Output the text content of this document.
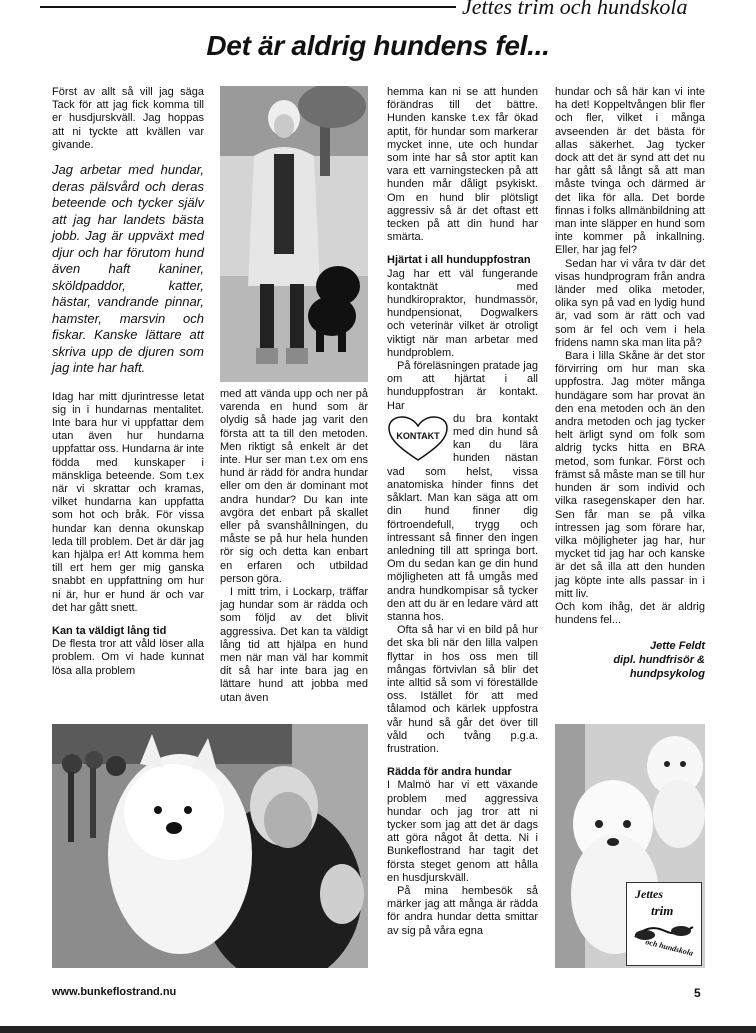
Jettes trim och hundskola
Det är aldrig hundens fel...

Först av allt så vill jag säga Tack för att jag fick komma till er husdjurskväll. Jag hoppas att ni tyckte att kvällen var givande.

Jag arbetar med hundar, deras pälsvård och deras beteende och tycker själv att jag har landets bästa jobb. Jag är uppväxt med djur och har förutom hund även haft kaniner, sköldpaddor, katter, hästar, vandrande pinnar, hamster, marsvin och fiskar. Kanske lättare att skriva upp de djuren som jag inte har haft.

Idag har mitt djurintresse letat sig in i hundarnas mentalitet. Inte bara hur vi uppfattar dem utan även hur hundarna uppfattar oss. Hundarna är inte födda med kunskaper i mänskliga beteende. Som t.ex när vi skrattar och kramas, vilket hundarna kan uppfatta som hot och bråk. För vissa hundar kan denna okunskap leda till problem. Det är där jag kan hjälpa er! Att komma hem till ert hem ger mig ganska snabbt en uppfattning om hur ni är, hur er hund är och var det har gått snett.

Kan ta väldigt lång tid

De flesta tror att våld löser alla problem. Om vi hade kunnat lösa alla problem

med att vända upp och ner på varenda en hund som är olydig så hade jag varit den första att ta till den metoden. Men riktigt så enkelt är det inte. Hur ser man t.ex om ens hund är rädd för andra hundar eller om den är dominant mot andra hundar? Du kan inte avgöra det enbart på skallet eller på svanshållningen, du måste se på hur hela hunden rör sig och detta kan enbart en erfaren och utbildad person göra.

I mitt trim, i Lockarp, träffar jag hundar som är rädda och som följd av det blivit aggressiva. Det kan ta väldigt lång tid att hjälpa en hund men när man väl har kommit dit så har inte bara jag en lättare hund att jobba med utan även

hemma kan ni se att hunden förändras till det bättre. Hunden kanske t.ex får ökad aptit, för hundar som markerar mycket inne, ute och hundar som inte har så stor aptit kan vara ett varningstecken på att hunden mår dåligt psykiskt. Om en hund blir plötsligt aggressiv så är det oftast ett tecken på att din hund har smärta.

Hjärtat i all hunduppfostran

Jag har ett väl fungerande kontaktnät med hundkiropraktor, hundmassör, hundpensionat, Dogwalkers och veterinär vilket är otroligt viktigt när man arbetar med hundproblem.

På föreläsningen pratade jag om att hjärtat i all hunduppfostran är kontakt. Har

KONTAKT

du bra kontakt med din hund så kan du lära hunden nästan vad som helst, vissa anatomiska hinder finns det såklart. Man kan säga att om din hund finner dig förtroendefull, trygg och intressant så finner den ingen anledning till att springa bort. Om du sedan kan ge din hund möjligheten att få umgås med andra hundkompisar så tycker den att du är en ledare värd att stanna hos.

Ofta så har vi en bild på hur det ska bli när den lilla valpen flyttar in hos oss men till mångas förtvivlan så blir det inte alltid så som vi föreställde oss. Istället för att med tålamod och kärlek uppfostra vår hund så går det över till våld och tvång p.g.a. frustration.

Rädda för andra hundar

I Malmö har vi ett växande problem med aggressiva hundar och jag tror att ni tycker som jag att det är dags att göra något åt detta. Ni i Bunkeflostrand har tagit det första steget genom att hålla en husdjurskväll.

På mina hembesök så märker jag att många är rädda för andra hundar detta smittar av sig på våra egna

hundar och så här kan vi inte ha det! Koppeltvången blir fler och fler, vilket i många avseenden är det bästa för allas säkerhet. Jag tycker dock att det är synd att det nu har gått så långt så att man måste tvinga och därmed är det lika för alla. Det borde finnas i folks allmänbildning att man inte släpper en hund som inte kommer på inkallning. Eller, har jag fel?

Sedan har vi våra tv där det visas hundprogram från andra länder med olika metoder, olika syn på vad en lydig hund är, vad som är rätt och vad som är fel och vem i hela fridens namn ska man lita på?

Bara i lilla Skåne är det stor förvirring om hur man ska uppfostra. Jag möter många hundägare som har provat än den ena metoden och än den andra metoden och jag tycker helt ärligt synd om folk som aldrig tycks hitta en BRA metod, som funkar. Först och främst så måste man se till hur hunden är som individ och vilka rasegenskaper den har. Sen får man se på vilka intressen jag som förare har, vilka möjligheter jag har, hur mycket tid jag har och kanske är det så illa att den hunden jag köpte inte alls passar in i mitt liv.

Och kom ihåg, det är aldrig hundens fel...

Jette Feldt
dipl. hundfrisör &
hundpsykolog
Jettes
trim
och hundskola
www.bunkeflostrand.nu	5
